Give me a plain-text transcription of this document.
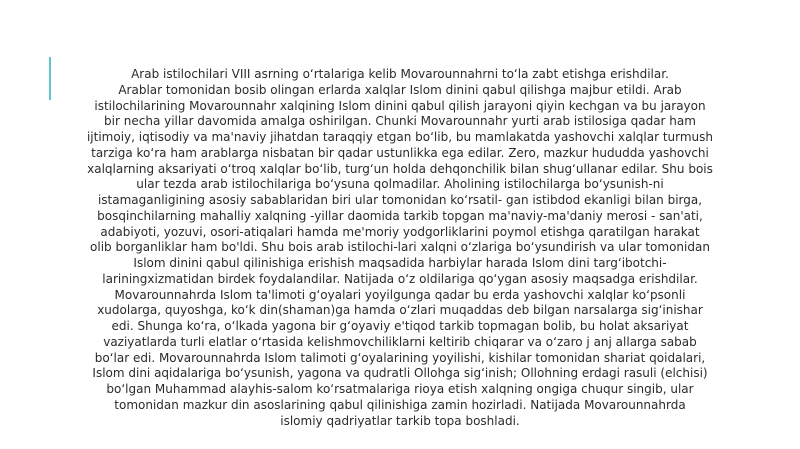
Arab istilochilari VIII asrning o‘rtalariga kelib Movarounnahrni to‘la zabt etishga erishdilar.
Arablar tomonidan bosib olingan erlarda xalqlar Islom dinini qabul qilishga majbur etildi. Arab
istilochilarining Movarounnahr xalqining Islom dinini qabul qilish jarayoni qiyin kechgan va bu jarayon
bir necha yillar davomida amalga oshirilgan. Chunki Movarounnahr yurti arab istilosiga qadar ham
ijtimoiy, iqtisodiy va ma'naviy jihatdan taraqqiy etgan bo‘lib, bu mamlakatda yashovchi xalqlar turmush
tarziga ko‘ra ham arablarga nisbatan bir qadar ustunlikka ega edilar. Zero, mazkur hududda yashovchi
xalqlarning aksariyati o‘troq xalqlar bo‘lib, turg‘un holda dehqonchilik bilan shug‘ullanar edilar. Shu bois
ular tezda arab istilochilariga bo‘ysuna qolmadilar. Aholining istilochilarga bo‘ysunish-ni
istamaganligining asosiy sabablaridan biri ular tomonidan ko‘rsatil- gan istibdod ekanligi bilan birga,
bosqinchilarning mahalliy xalqning -yillar daomida tarkib topgan ma'naviy-ma'daniy merosi - san'ati,
adabiyoti, yozuvi, osori-atiqalari hamda me'moriy yodgorliklarini poymol etishga qaratilgan harakat
olib borganliklar ham bo'ldi. Shu bois arab istilochi-lari xalqni o‘zlariga bo‘ysundirish va ular tomonidan
Islom dinini qabul qilinishiga erishish maqsadida harbiylar harada Islom dini targ‘ibotchi-
lariningxizmatidan birdek foydalandilar. Natijada o‘z oldilariga qo‘ygan asosiy maqsadga erishdilar.
Movarounnahrda Islom ta'limoti g‘oyalari yoyilgunga qadar bu erda yashovchi xalqlar ko‘psonli
xudolarga, quyoshga, ko‘k din(shaman)ga hamda o‘zlari muqaddas deb bilgan narsalarga sig‘inishar
edi. Shunga ko‘ra, o‘lkada yagona bir g‘oyaviy e'tiqod tarkib topmagan bolib, bu holat aksariyat
vaziyatlarda turli elatlar o‘rtasida kelishmovchiliklarni keltirib chiqarar va o‘zaro j anj allarga sabab
bo‘lar edi. Movarounnahrda Islom talimoti g‘oyalarining yoyilishi, kishilar tomonidan shariat qoidalari,
Islom dini aqidalariga bo‘ysunish, yagona va qudratli Ollohga sig‘inish; Ollohning erdagi rasuli (elchisi)
bo‘lgan Muhammad alayhis-salom ko‘rsatmalariga rioya etish xalqning ongiga chuqur singib, ular
tomonidan mazkur din asoslarining qabul qilinishiga zamin hozirladi. Natijada Movarounnahrda
islomiy qadriyatlar tarkib topa boshladi.
